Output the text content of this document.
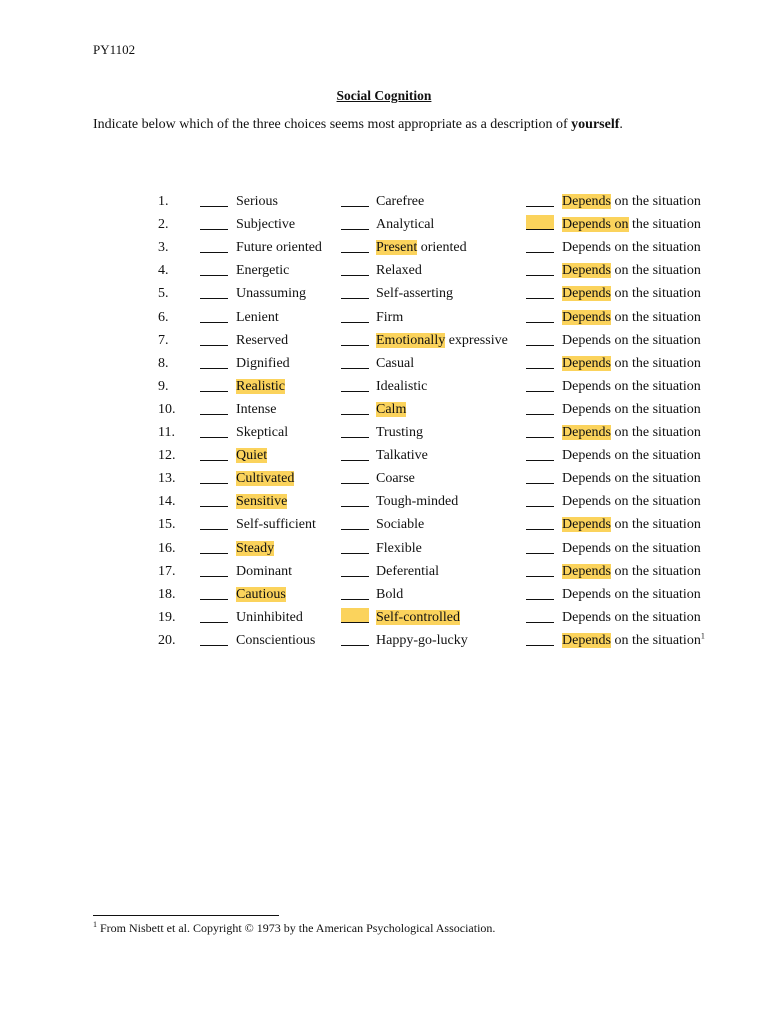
PY1102
Social Cognition
Indicate below which of the three choices seems most appropriate as a description of yourself.
1.	Serious	Carefree	Depends on the situation
2.	Subjective	Analytical	Depends on the situation
3.	Future oriented	Present oriented	Depends on the situation
4.	Energetic	Relaxed	Depends on the situation
5.	Unassuming	Self-asserting	Depends on the situation
6.	Lenient	Firm	Depends on the situation
7.	Reserved	Emotionally expressive	Depends on the situation
8.	Dignified	Casual	Depends on the situation
9.	Realistic	Idealistic	Depends on the situation
10.	Intense	Calm	Depends on the situation
11.	Skeptical	Trusting	Depends on the situation
12.	Quiet	Talkative	Depends on the situation
13.	Cultivated	Coarse	Depends on the situation
14.	Sensitive	Tough-minded	Depends on the situation
15.	Self-sufficient	Sociable	Depends on the situation
16.	Steady	Flexible	Depends on the situation
17.	Dominant	Deferential	Depends on the situation
18.	Cautious	Bold	Depends on the situation
19.	Uninhibited	Self-controlled	Depends on the situation
20.	Conscientious	Happy-go-lucky	Depends on the situation$^1$
$^1$ From Nisbett et al. Copyright © 1973 by the American Psychological Association.
